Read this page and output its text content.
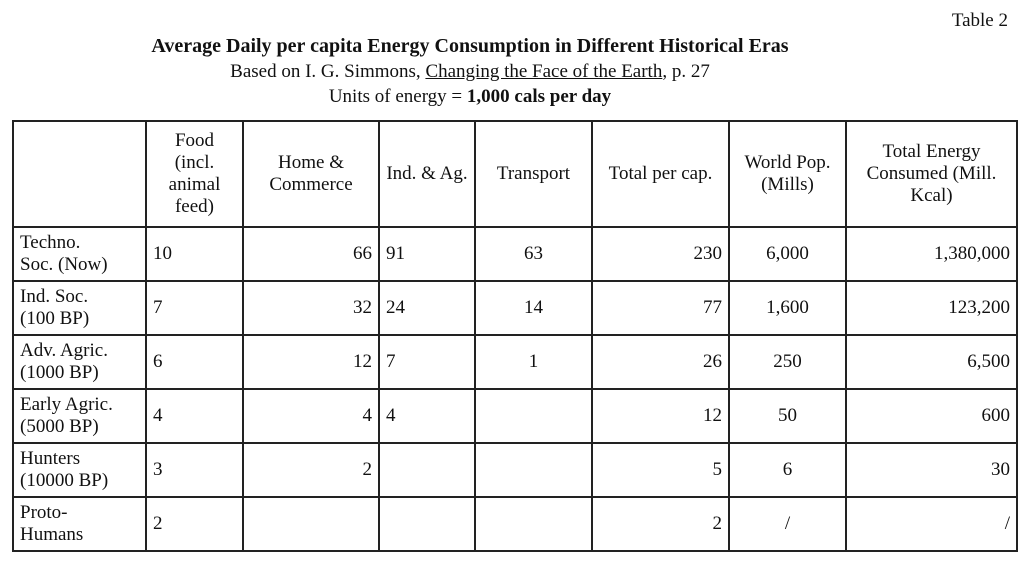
Table 2
Average Daily per capita Energy Consumption in Different Historical Eras
Based on I. G. Simmons, Changing the Face of the Earth, p. 27
Units of energy = 1,000 cals per day
	Food (incl. animal feed)	Home & Commerce	Ind. & Ag.	Transport	Total per cap.	World Pop. (Mills)	Total Energy Consumed (Mill. Kcal)
Techno.
Soc. (Now)	10	66	91	63	230	6,000	1,380,000
Ind. Soc.
(100 BP)	7	32	24	14	77	1,600	123,200
Adv. Agric.
(1000 BP)	6	12	7	1	26	250	6,500
Early Agric.
(5000 BP)	4	4	4		12	50	600
Hunters
(10000 BP)	3	2			5	6	30
Proto-
Humans	2				2	/	/
